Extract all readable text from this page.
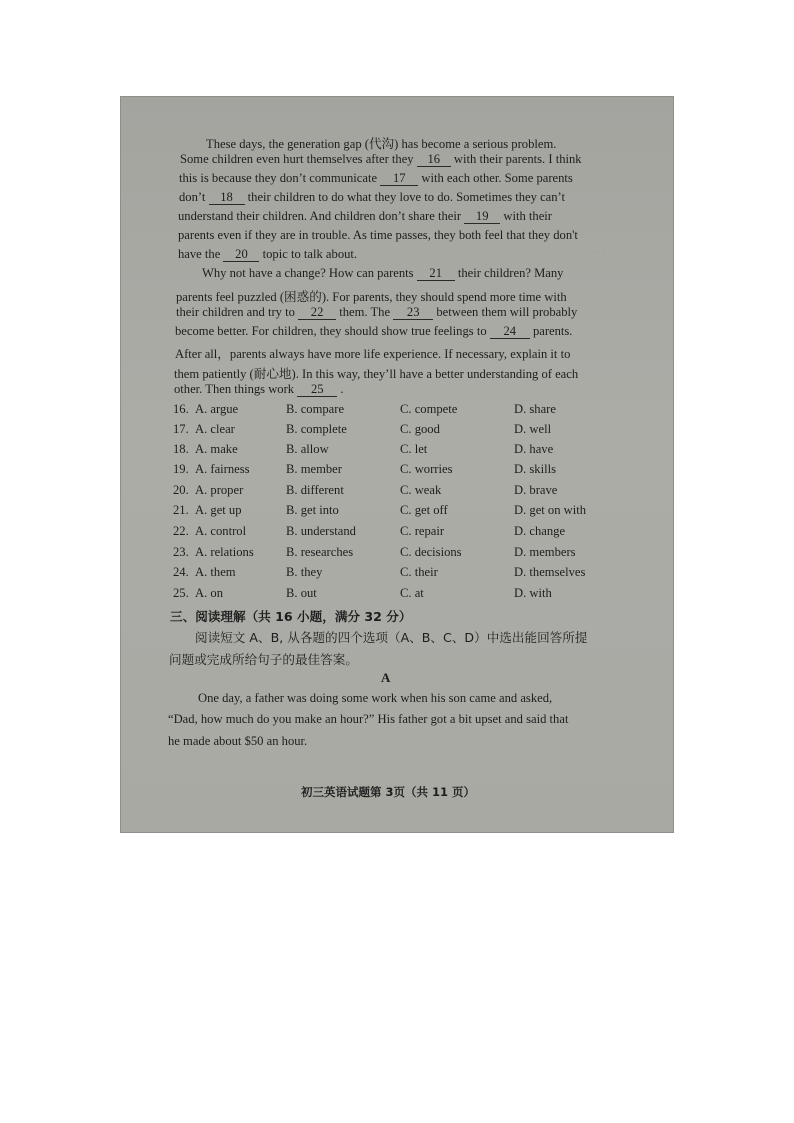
· · ·
These days, the generation gap (代沟) has become a serious problem.
Some children even hurt themselves after they 16 with their parents. I think
this is because they don’t communicate 17 with each other. Some parents
don’t 18 their children to do what they love to do. Sometimes they can’t
understand their children. And children don’t share their 19 with their
parents even if they are in trouble. As time passes, they both feel that they don't
have the 20 topic to talk about.
Why not have a change? How can parents 21 their children? Many
parents feel puzzled (困惑的). For parents, they should spend more time with
their children and try to 22 them. The 23 between them will probably
become better. For children, they should show true feelings to 24 parents.
After all，parents always have more life experience. If necessary, explain it to
them patiently (耐心地). In this way, they’ll have a better understanding of each
other. Then things work 25 .
16. A. argue	B. compare	C. compete	D. share
17. A. clear	B. complete	C. good	D. well
18. A. make	B. allow	C. let	D. have
19. A. fairness	B. member	C. worries	D. skills
20. A. proper	B. different	C. weak	D. brave
21. A. get up	B. get into	C. get off	D. get on with
22. A. control	B. understand	C. repair	D. change
23. A. relations	B. researches	C. decisions	D. members
24. A. them	B. they	C. their	D. themselves
25. A. on	B. out	C. at	D. with
三、阅读理解（共 16 小题，满分 32 分）
阅读短文 A、B, 从各题的四个选项（A、B、C、D）中选出能回答所提
问题或完成所给句子的最佳答案。
A
One day, a father was doing some work when his son came and asked,
“Dad, how much do you make an hour?” His father got a bit upset and said that
he made about $50 an hour.
初三英语试题第 3页（共 11 页）
